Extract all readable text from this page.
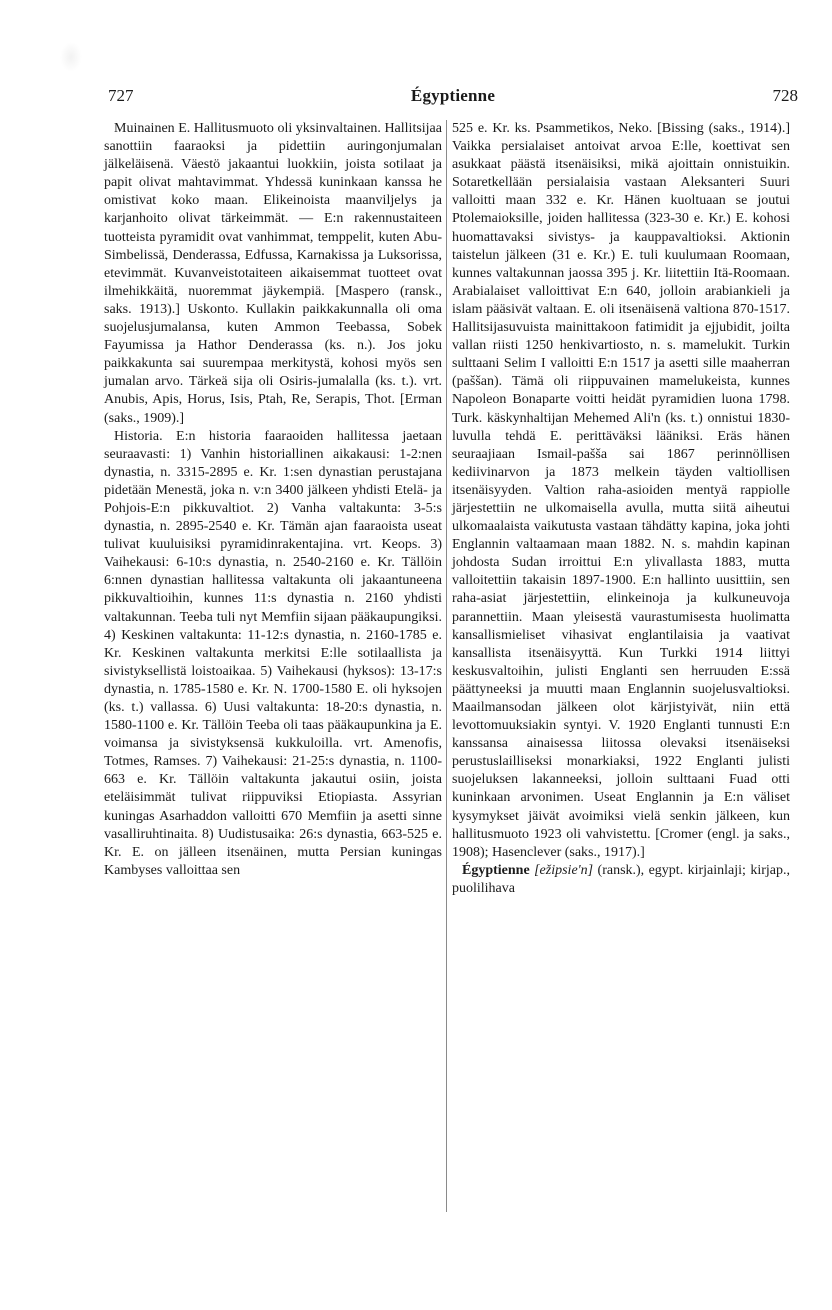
727	Égyptienne	728

Muinainen E. Hallitusmuoto oli yksinvaltainen. Hallitsijaa sanottiin faaraoksi ja pidettiin auringonjumalan jälkeläisenä. Väestö jakaantui luokkiin, joista sotilaat ja papit olivat mahtavimmat. Yhdessä kuninkaan kanssa he omistivat koko maan. Elikeinoista maanviljelys ja karjanhoito olivat tärkeimmät. — E:n rakennustaiteen tuotteista pyramidit ovat vanhimmat, temppelit, kuten Abu-Simbelissä, Denderassa, Edfussa, Karnakissa ja Luksorissa, etevimmät. Kuvanveistotaiteen aikaisemmat tuotteet ovat ilmehikkäitä, nuoremmat jäykempiä. [Maspero (ransk., saks. 1913).] Uskonto. Kullakin paikkakunnalla oli oma suojelusjumalansa, kuten Ammon Teebassa, Sobek Fayumissa ja Hathor Denderassa (ks. n.). Jos joku paikkakunta sai suurempaa merkitystä, kohosi myös sen jumalan arvo. Tärkeä sija oli Osiris-jumalalla (ks. t.). vrt. Anubis, Apis, Horus, Isis, Ptah, Re, Serapis, Thot. [Erman (saks., 1909).]

Historia. E:n historia faaraoiden hallitessa jaetaan seuraavasti: 1) Vanhin historiallinen aikakausi: 1-2:nen dynastia, n. 3315-2895 e. Kr. 1:sen dynastian perustajana pidetään Menestä, joka n. v:n 3400 jälkeen yhdisti Etelä- ja Pohjois-E:n pikkuvaltiot. 2) Vanha valtakunta: 3-5:s dynastia, n. 2895-2540 e. Kr. Tämän ajan faaraoista useat tulivat kuuluisiksi pyramidinrakentajina. vrt. Keops. 3) Vaihekausi: 6-10:s dynastia, n. 2540-2160 e. Kr. Tällöin 6:nnen dynastian hallitessa valtakunta oli jakaantuneena pikkuvaltioihin, kunnes 11:s dynastia n. 2160 yhdisti valtakunnan. Teeba tuli nyt Memfiin sijaan pääkaupungiksi. 4) Keskinen valtakunta: 11-12:s dynastia, n. 2160-1785 e. Kr. Keskinen valtakunta merkitsi E:lle sotilaallista ja sivistyksellistä loistoaikaa. 5) Vaihekausi (hyksos): 13-17:s dynastia, n. 1785-1580 e. Kr. N. 1700-1580 E. oli hyksojen (ks. t.) vallassa. 6) Uusi valtakunta: 18-20:s dynastia, n. 1580-1100 e. Kr. Tällöin Teeba oli taas pääkaupunkina ja E. voimansa ja sivistyksensä kukkuloilla. vrt. Amenofis, Totmes, Ramses. 7) Vaihekausi: 21-25:s dynastia, n. 1100-663 e. Kr. Tällöin valtakunta jakautui osiin, joista eteläisimmät tulivat riippuviksi Etiopiasta. Assyrian kuningas Asarhaddon valloitti 670 Memfiin ja asetti sinne vasalliruhtinaita. 8) Uudistusaika: 26:s dynastia, 663-525 e. Kr. E. on jälleen itsenäinen, mutta Persian kuningas Kambyses valloittaa sen

525 e. Kr. ks. Psammetikos, Neko. [Bissing (saks., 1914).] Vaikka persialaiset antoivat arvoa E:lle, koettivat sen asukkaat päästä itsenäisiksi, mikä ajoittain onnistuikin. Sotaretkellään persialaisia vastaan Aleksanteri Suuri valloitti maan 332 e. Kr. Hänen kuoltuaan se joutui Ptolemaioksille, joiden hallitessa (323-30 e. Kr.) E. kohosi huomattavaksi sivistys- ja kauppavaltioksi. Aktionin taistelun jälkeen (31 e. Kr.) E. tuli kuulumaan Roomaan, kunnes valtakunnan jaossa 395 j. Kr. liitettiin Itä-Roomaan. Arabialaiset valloittivat E:n 640, jolloin arabiankieli ja islam pääsivät valtaan. E. oli itsenäisenä valtiona 870-1517. Hallitsijasuvuista mainittakoon fatimidit ja ejjubidit, joilta vallan riisti 1250 henkivartiosto, n. s. mamelukit. Turkin sulttaani Selim I valloitti E:n 1517 ja asetti sille maaherran (paššan). Tämä oli riippuvainen mamelukeista, kunnes Napoleon Bonaparte voitti heidät pyramidien luona 1798. Turk. käskynhaltijan Mehemed Ali'n (ks. t.) onnistui 1830-luvulla tehdä E. perittäväksi lääniksi. Eräs hänen seuraajiaan Ismail-pašša sai 1867 perinnöllisen kediivinarvon ja 1873 melkein täyden valtiollisen itsenäisyyden. Valtion raha-asioiden mentyä rappiolle järjestettiin ne ulkomaisella avulla, mutta siitä aiheutui ulkomaalaista vaikutusta vastaan tähdätty kapina, joka johti Englannin valtaamaan maan 1882. N. s. mahdin kapinan johdosta Sudan irroittui E:n ylivallasta 1883, mutta valloitettiin takaisin 1897-1900. E:n hallinto uusittiin, sen raha-asiat järjestettiin, elinkeinoja ja kulkuneuvoja parannettiin. Maan yleisestä vaurastumisesta huolimatta kansallismieliset vihasivat englantilaisia ja vaativat kansallista itsenäisyyttä. Kun Turkki 1914 liittyi keskusvaltoihin, julisti Englanti sen herruuden E:ssä päättyneeksi ja muutti maan Englannin suojelusvaltioksi. Maailmansodan jälkeen olot kärjistyivät, niin että levottomuuksiakin syntyi. V. 1920 Englanti tunnusti E:n kanssansa ainaisessa liitossa olevaksi itsenäiseksi perustuslailliseksi monarkiaksi, 1922 Englanti julisti suojeluksen lakanneeksi, jolloin sulttaani Fuad otti kuninkaan arvonimen. Useat Englannin ja E:n väliset kysymykset jäivät avoimiksi vielä senkin jälkeen, kun hallitusmuoto 1923 oli vahvistettu. [Cromer (engl. ja saks., 1908); Hasenclever (saks., 1917).]

Égyptienne [ežipsie'n] (ransk.), egypt. kirjainlaji; kirjap., puolilihava
